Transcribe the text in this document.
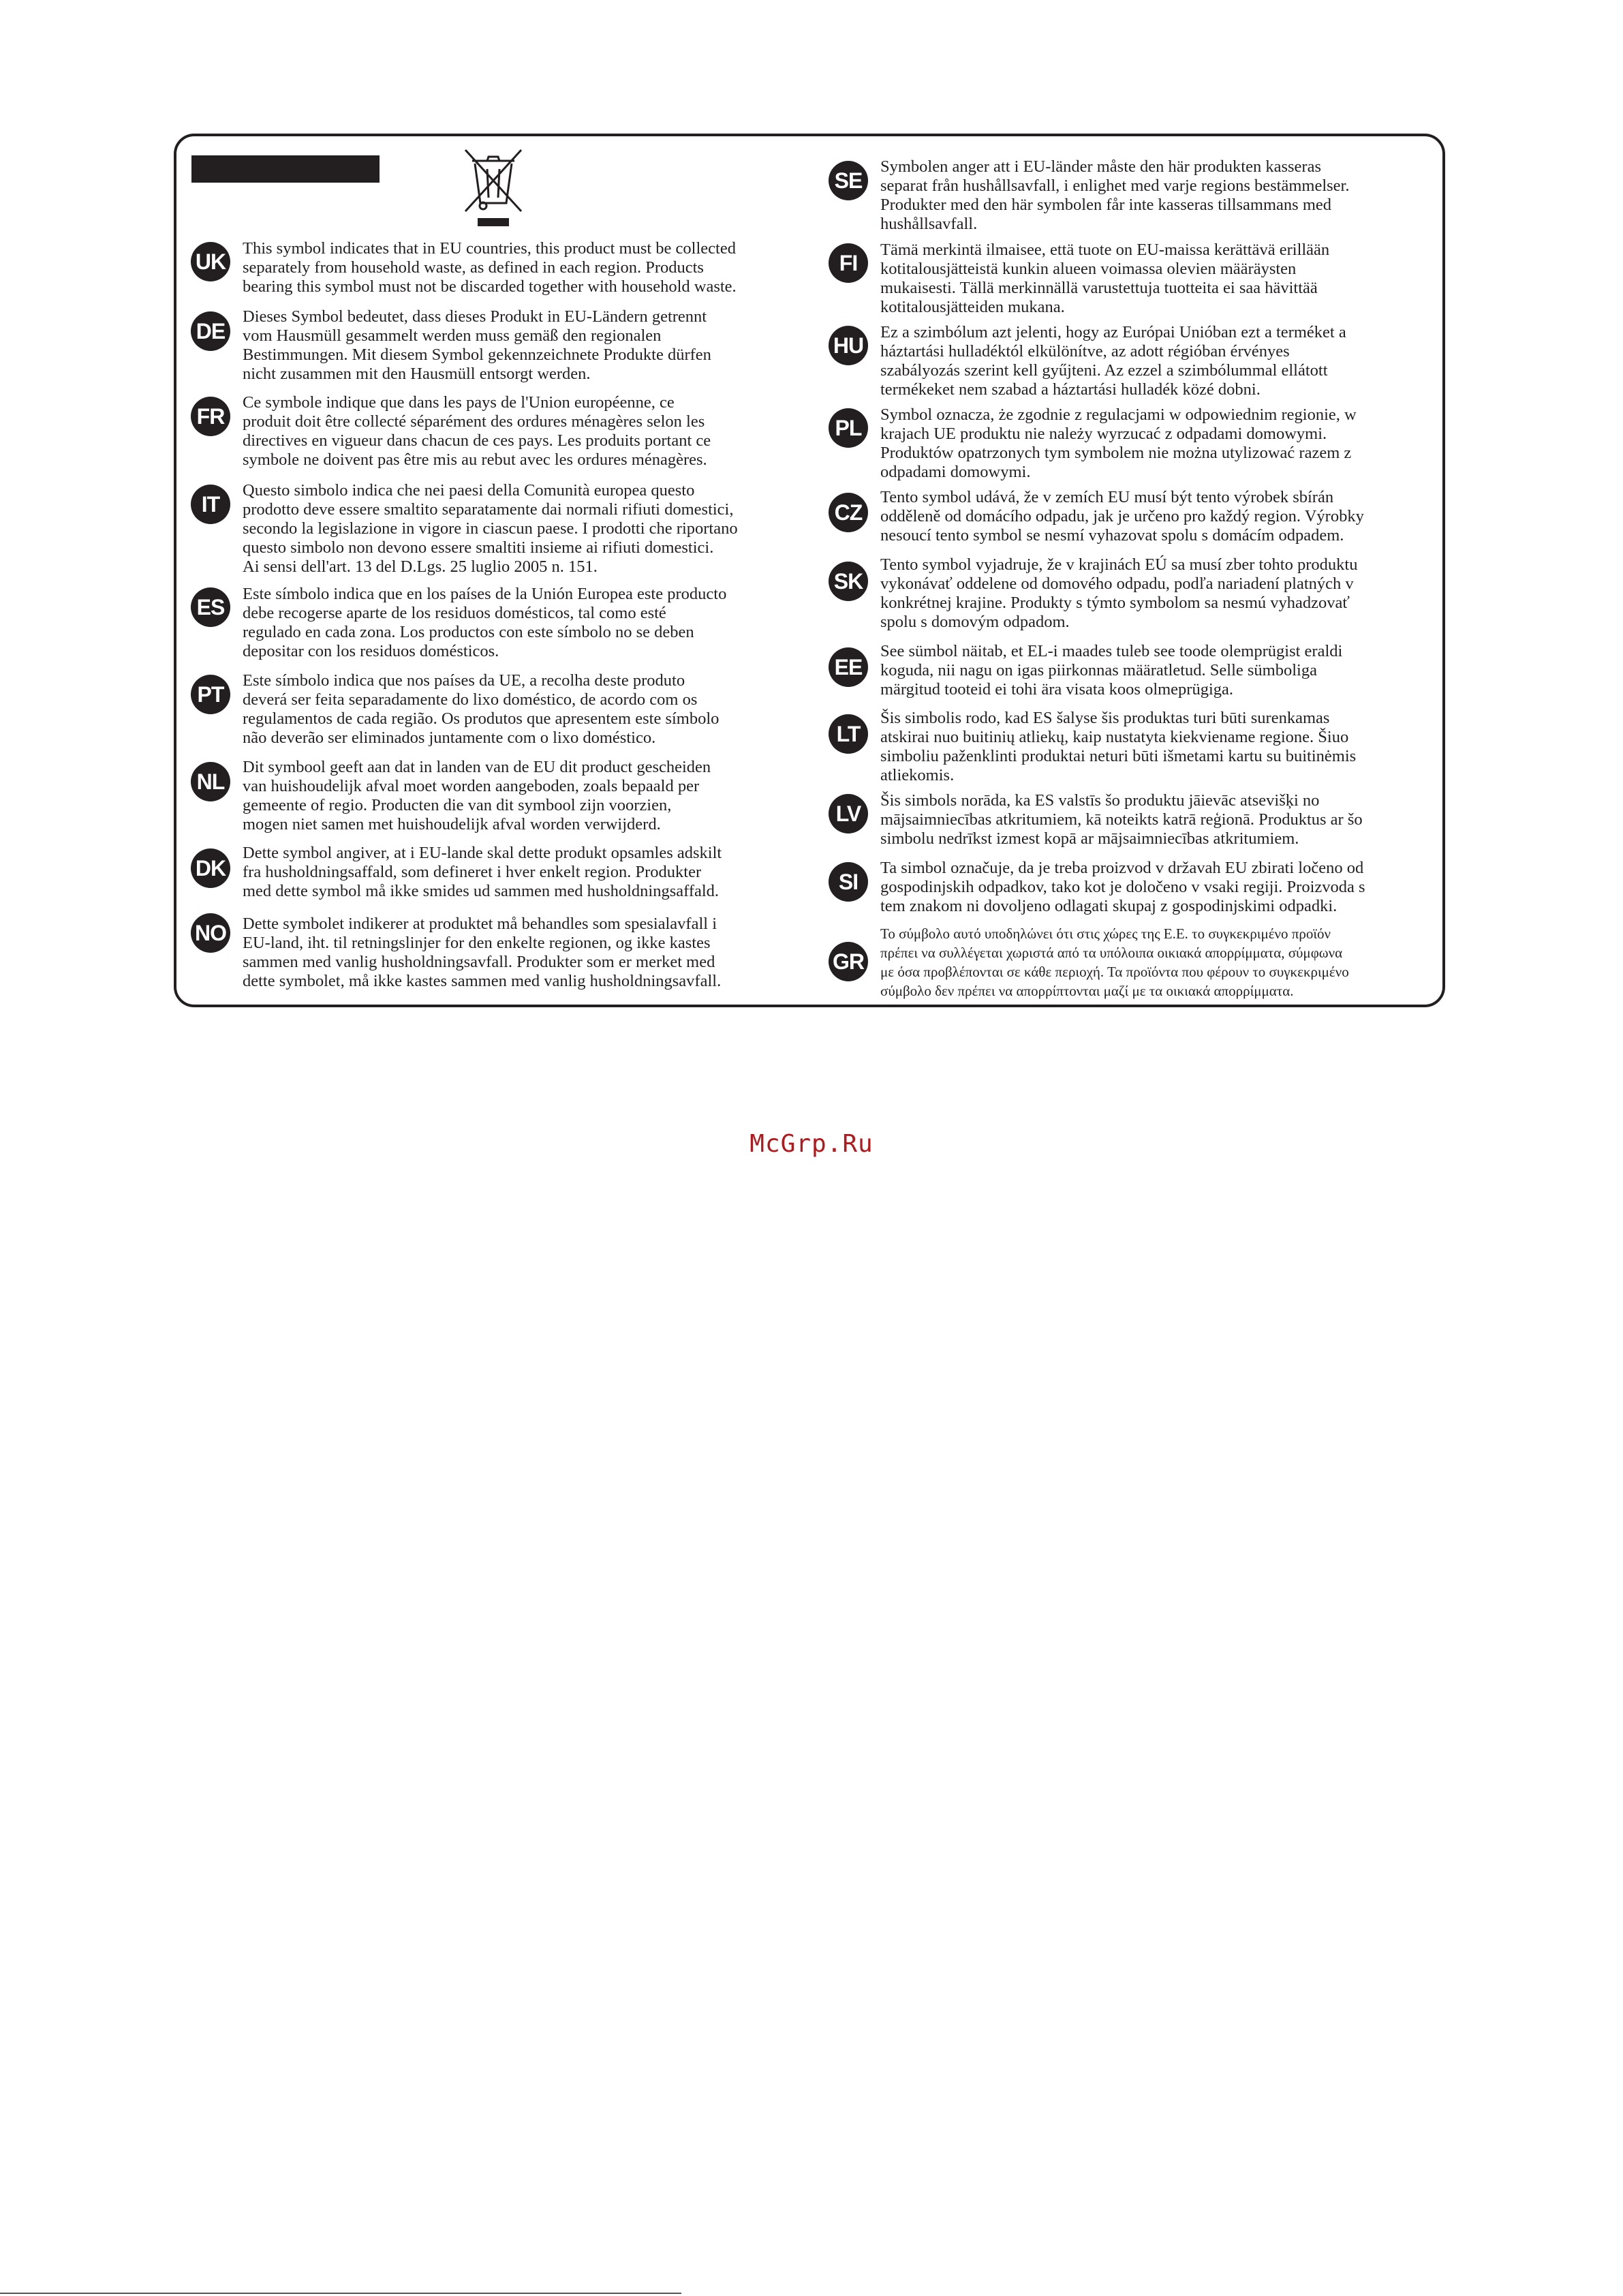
UK
This symbol indicates that in EU countries, this product must be collected
separately from household waste, as defined in each region. Products
bearing this symbol must not be discarded together with household waste.
DE
Dieses Symbol bedeutet, dass dieses Produkt in EU-Ländern getrennt
vom Hausmüll gesammelt werden muss gemäß den regionalen
Bestimmungen. Mit diesem Symbol gekennzeichnete Produkte dürfen
nicht zusammen mit den Hausmüll entsorgt werden.
FR
Ce symbole indique que dans les pays de l'Union européenne, ce
produit doit être collecté séparément des ordures ménagères selon les
directives en vigueur dans chacun de ces pays. Les produits portant ce
symbole ne doivent pas être mis au rebut avec les ordures ménagères.
IT
Questo simbolo indica che nei paesi della Comunità europea questo
prodotto deve essere smaltito separatamente dai normali rifiuti domestici,
secondo la legislazione in vigore in ciascun paese. I prodotti che riportano
questo simbolo non devono essere smaltiti insieme ai rifiuti domestici.
Ai sensi dell'art. 13 del D.Lgs. 25 luglio 2005 n. 151.
ES
Este símbolo indica que en los países de la Unión Europea este producto
debe recogerse aparte de los residuos domésticos, tal como esté
regulado en cada zona. Los productos con este símbolo no se deben
depositar con los residuos domésticos.
PT
Este símbolo indica que nos países da UE, a recolha deste produto
deverá ser feita separadamente do lixo doméstico, de acordo com os
regulamentos de cada região. Os produtos que apresentem este símbolo
não deverão ser eliminados juntamente com o lixo doméstico.
NL
Dit symbool geeft aan dat in landen van de EU dit product gescheiden
van huishoudelijk afval moet worden aangeboden, zoals bepaald per
gemeente of regio. Producten die van dit symbool zijn voorzien,
mogen niet samen met huishoudelijk afval worden verwijderd.
DK
Dette symbol angiver, at i EU-lande skal dette produkt opsamles adskilt
fra husholdningsaffald, som defineret i hver enkelt region. Produkter
med dette symbol må ikke smides ud sammen med husholdningsaffald.
NO Dette symbolet indikerer at produktet må behandles som spesialavfall i
EU-land, iht. til retningslinjer for den enkelte regionen, og ikke kastes
sammen med vanlig husholdningsavfall. Produkter som er merket med
dette symbolet, må ikke kastes sammen med vanlig husholdningsavfall.
SE
Symbolen anger att i EU-länder måste den här produkten kasseras
separat från hushållsavfall, i enlighet med varje regions bestämmelser.
Produkter med den här symbolen får inte kasseras tillsammans med
hushållsavfall.
FI
Tämä merkintä ilmaisee, että tuote on EU-maissa kerättävä erillään
kotitalousjätteistä kunkin alueen voimassa olevien määräysten
mukaisesti. Tällä merkinnällä varustettuja tuotteita ei saa hävittää
kotitalousjätteiden mukana.
HU
Ez a szimbólum azt jelenti, hogy az Európai Unióban ezt a terméket a
háztartási hulladéktól elkülönítve, az adott régióban érvényes
szabályozás szerint kell gyűjteni. Az ezzel a szimbólummal ellátott
termékeket nem szabad a háztartási hulladék közé dobni.
PL
Symbol oznacza, że zgodnie z regulacjami w odpowiednim regionie, w
krajach UE produktu nie należy wyrzucać z odpadami domowymi.
Produktów opatrzonych tym symbolem nie można utylizować razem z
odpadami domowymi.
CZ
Tento symbol udává, že v zemích EU musí být tento výrobek sbírán
odděleně od domácího odpadu, jak je určeno pro každý region. Výrobky
nesoucí tento symbol se nesmí vyhazovat spolu s domácím odpadem.
SK
Tento symbol vyjadruje, že v krajinách EÚ sa musí zber tohto produktu
vykonávať oddelene od domového odpadu, podľa nariadení platných v
konkrétnej krajine. Produkty s týmto symbolom sa nesmú vyhadzovať
spolu s domovým odpadom.
EE
See sümbol näitab, et EL-i maades tuleb see toode olemprügist eraldi
koguda, nii nagu on igas piirkonnas määratletud. Selle sümboliga
märgitud tooteid ei tohi ära visata koos olmeprügiga.
LT
Šis simbolis rodo, kad ES šalyse šis produktas turi būti surenkamas
atskirai nuo buitinių atliekų, kaip nustatyta kiekviename regione. Šiuo
simboliu paženklinti produktai neturi būti išmetami kartu su buitinėmis
atliekomis.
LV
Šis simbols norāda, ka ES valstīs šo produktu jāievāc atsevišķi no
mājsaimniecības atkritumiem, kā noteikts katrā reģionā. Produktus ar šo
simbolu nedrīkst izmest kopā ar mājsaimniecības atkritumiem.
SI
Ta simbol označuje, da je treba proizvod v državah EU zbirati ločeno od
gospodinjskih odpadkov, tako kot je določeno v vsaki regiji. Proizvoda s
tem znakom ni dovoljeno odlagati skupaj z gospodinjskimi odpadki.
GR
Το σύμβολο αυτό υποδηλώνει ότι στις χώρες της Ε.Ε. το συγκεκριμένο προϊόν
πρέπει να συλλέγεται χωριστά από τα υπόλοιπα οικιακά απορρίμματα, σύμφωνα
με όσα προβλέπονται σε κάθε περιοχή. Τα προϊόντα που φέρουν το συγκεκριμένο
σύμβολο δεν πρέπει να απορρίπτονται μαζί με τα οικιακά απορρίμματα.
McGrp.Ru
